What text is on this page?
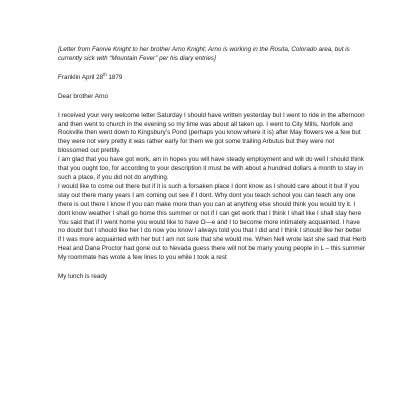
[Letter from Fannie Knight to her brother Arno Knight; Arno is working in the Rosita, Colorado area, but is currently sick with “Mountain Fever” per his diary entries]

Franklin April 28th 1879

Dear brother Arno

I received your very welcome letter Saturday I should have written yesterday but I went to ride in the afternoon and then went to church in the evening so my time was about all taken up. I went to City Mills, Norfolk and Rockville then went down to Kingsbury’s Pond (perhaps you know where it is) after May flowers we a few but they were not very pretty it was rather early for them we got some trailing Arbutus but they were not blossomed out prettily.

I am glad that you have got work, am in hopes you will have steady employment and will do well I should think that you ought too, for according to your description it must be with about a hundred dollars a month to stay in such a place, if you did not do anything.

I would like to come out there but if it is such a forsaken place I dont know as I should care about it but if you stay out there many years I am coming out see if I dont. Why dont you teach school you can teach any one there is out there I know if you can make more than you can at anything else should think you would try it. I dont know weather I shall go home this summer or not if I can get work that I think I shall like I shall stay here

You said that if I went home you would like to have O—e and I to become more intimately acquainted. I have no doubt but I should like her I do now you know I always told you that I did and I think I should like her better if I was more acquainted with her but I am not sure that she would me. When Nell wrote last she said that Herb Heal and Dana Proctor had gone out to Nevada guess there will not be many young people in L – this summer My roommate has wrote a few lines to you while I took a rest

My lunch is ready
